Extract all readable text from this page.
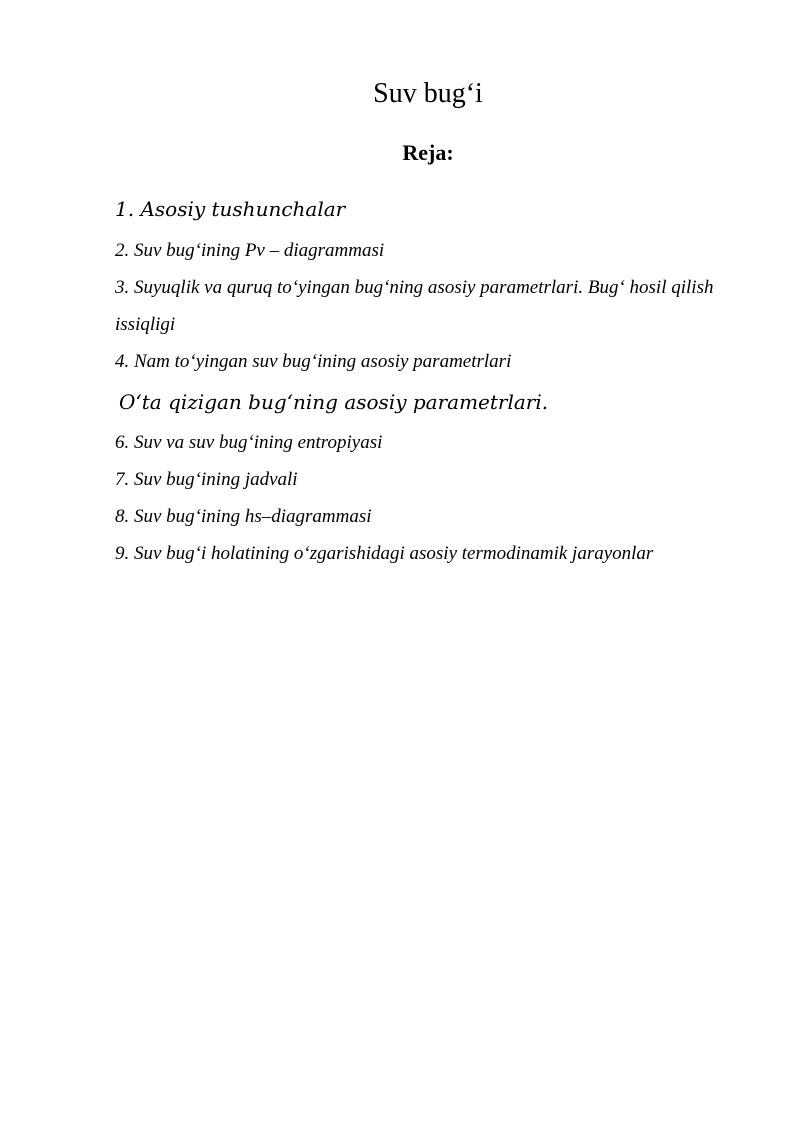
Suv bug‘i
Reja:
1. Asosiy tushunchalar
2. Suv bug‘ining Pv – diagrammasi
3. Suyuqlik va quruq to‘yingan bug‘ning asosiy parametrlari. Bug‘ hosil qilish issiqligi
4. Nam to‘yingan suv bug‘ining asosiy parametrlari
O‘ta qizigan bug‘ning asosiy parametrlari.
6. Suv va suv bug‘ining entropiyasi
7. Suv bug‘ining jadvali
8. Suv bug‘ining hs–diagrammasi
9. Suv bug‘i holatining o‘zgarishidagi asosiy termodinamik jarayonlar
